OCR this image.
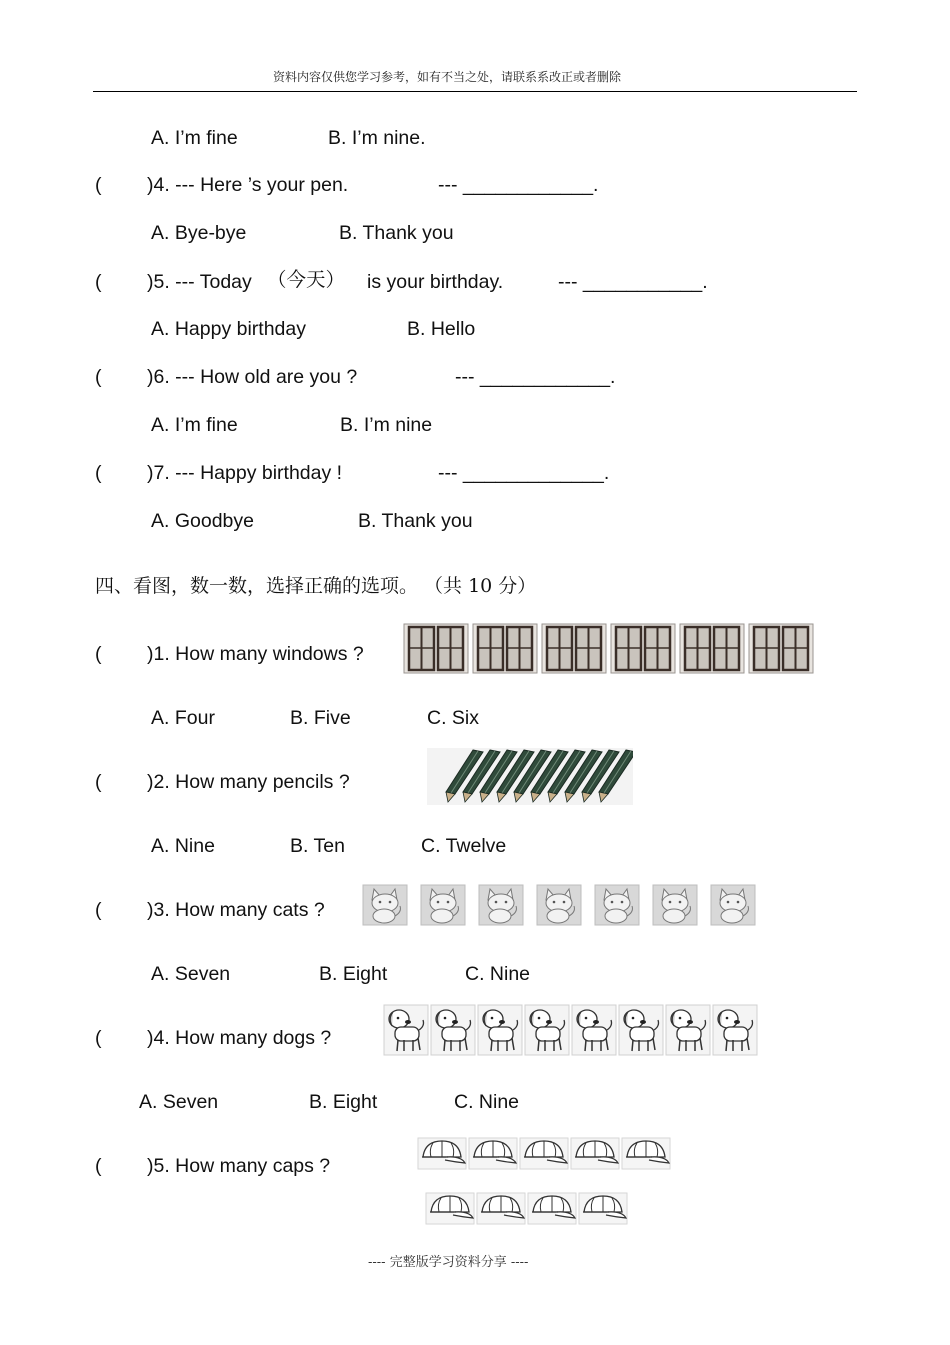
资料内容仅供您学习参考，如有不当之处，请联系系改正或者删除
A. I’m fine	B. I’m nine.
( )4. --- Here ’s your pen.	--- ____________.
A. Bye-bye	B. Thank you
( )5. --- Today （今天） is your birthday.	--- ___________.
A. Happy birthday	B. Hello
( )6. --- How old are you ?	--- ____________.
A. I’m fine	B. I’m nine
( )7. --- Happy birthday !	--- _____________.
A. Goodbye	B. Thank you
四、看图，数一数，选择正确的选项。 （共 10 分）
( )1. How many windows ?
A. Four	B. Five	C. Six
( )2. How many pencils ?
A. Nine	B. Ten	C. Twelve
( )3. How many cats ?
A. Seven	B. Eight	C. Nine
( )4. How many dogs ?
A. Seven	B. Eight	C. Nine
( )5. How many caps ?
---- 完整版学习资料分享 ----
